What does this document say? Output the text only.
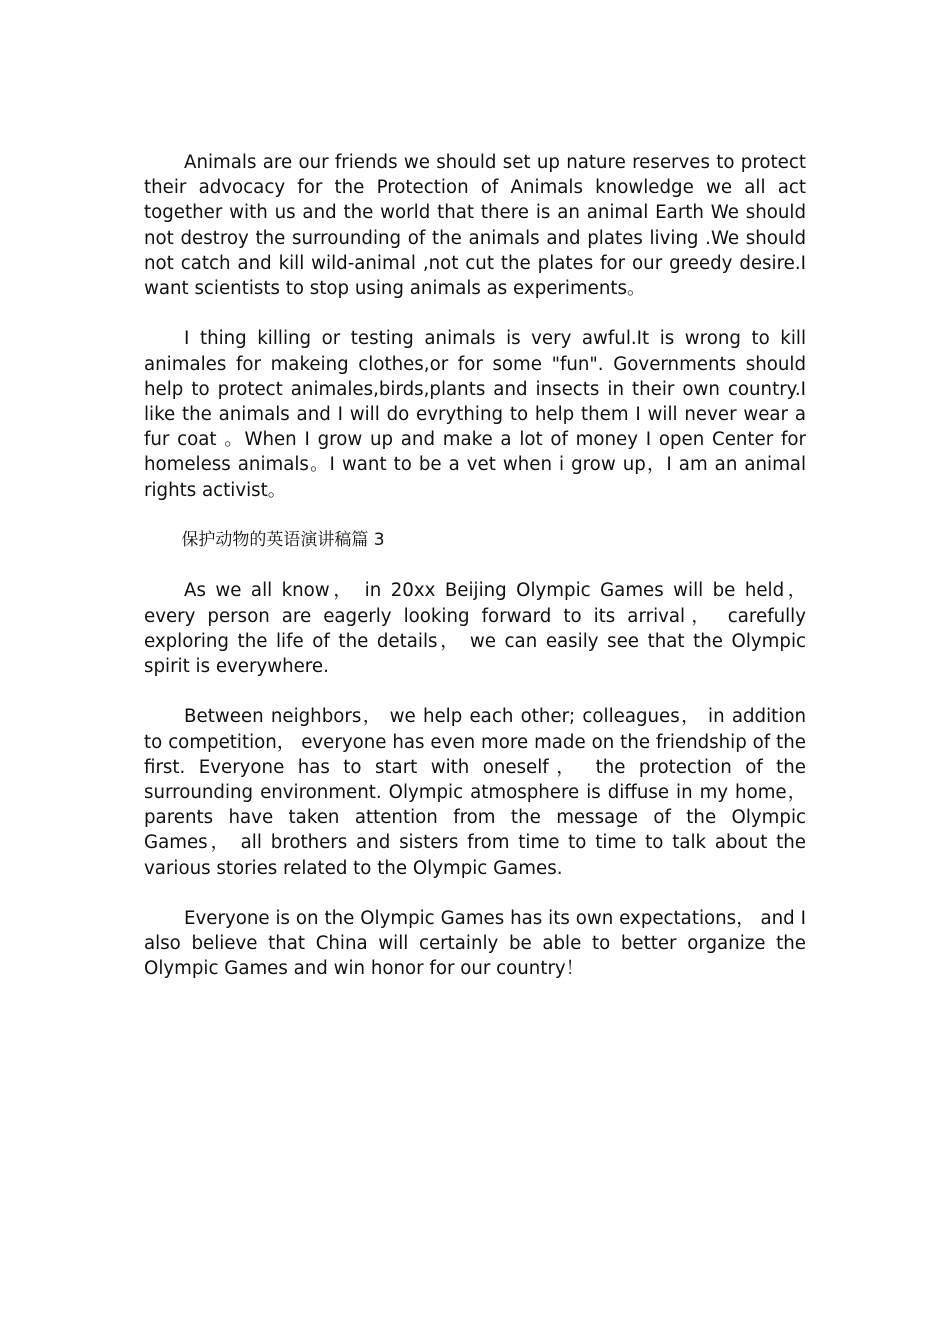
Animals are our friends we should set up nature reserves to protect their advocacy for the Protection of Animals knowledge we all act together with us and the world that there is an animal Earth We should not destroy the surrounding of the animals and plates living .We should not catch and kill wild-animal ,not cut the plates for our greedy desire.I want scientists to stop using animals as experiments。

I thing killing or testing animals is very awful.It is wrong to kill animales for makeing clothes,or for some "fun". Governments should help to protect animales,birds,plants and insects in their own country.I like the animals and I will do evrything to help them I will never wear a fur coat 。When I grow up and make a lot of money I open Center for homeless animals。I want to be a vet when i grow up，I am an animal rights activist。

保护动物的英语演讲稿篇 3

As we all know， in 20xx Beijing Olympic Games will be held， every person are eagerly looking forward to its arrival， carefully exploring the life of the details， we can easily see that the Olympic spirit is everywhere.

Between neighbors， we help each other; colleagues， in addition to competition， everyone has even more made on the friendship of the first. Everyone has to start with oneself， the protection of the surrounding environment. Olympic atmosphere is diffuse in my home， parents have taken attention from the message of the Olympic Games， all brothers and sisters from time to time to talk about the various stories related to the Olympic Games.

Everyone is on the Olympic Games has its own expectations， and I also believe that China will certainly be able to better organize the Olympic Games and win honor for our country！
